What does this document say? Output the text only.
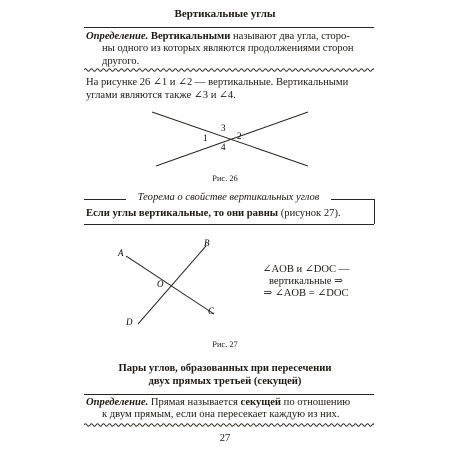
Вертикальные углы
Определение. Вертикальными называют два угла, сторо-
ны одного из которых являются продолжениями сторон
другого.
На рисунке 26 ∠1 и ∠2 — вертикальные. Вертикальными
углами являются также ∠3 и ∠4.
1	2
3
4
Рис. 26
Теорема о свойстве вертикальных углов
Если углы вертикальные, то они равны (рисунок 27).
A
B
O
C
D
∠AOB и ∠DOC —
вертикальные ⇒
⇒ ∠AOB = ∠DOC
Рис. 27
Пары углов, образованных при пересечении
двух прямых третьей (секущей)
Определение. Прямая называется секущей по отношению
к двум прямым, если она пересекает каждую из них.
27
